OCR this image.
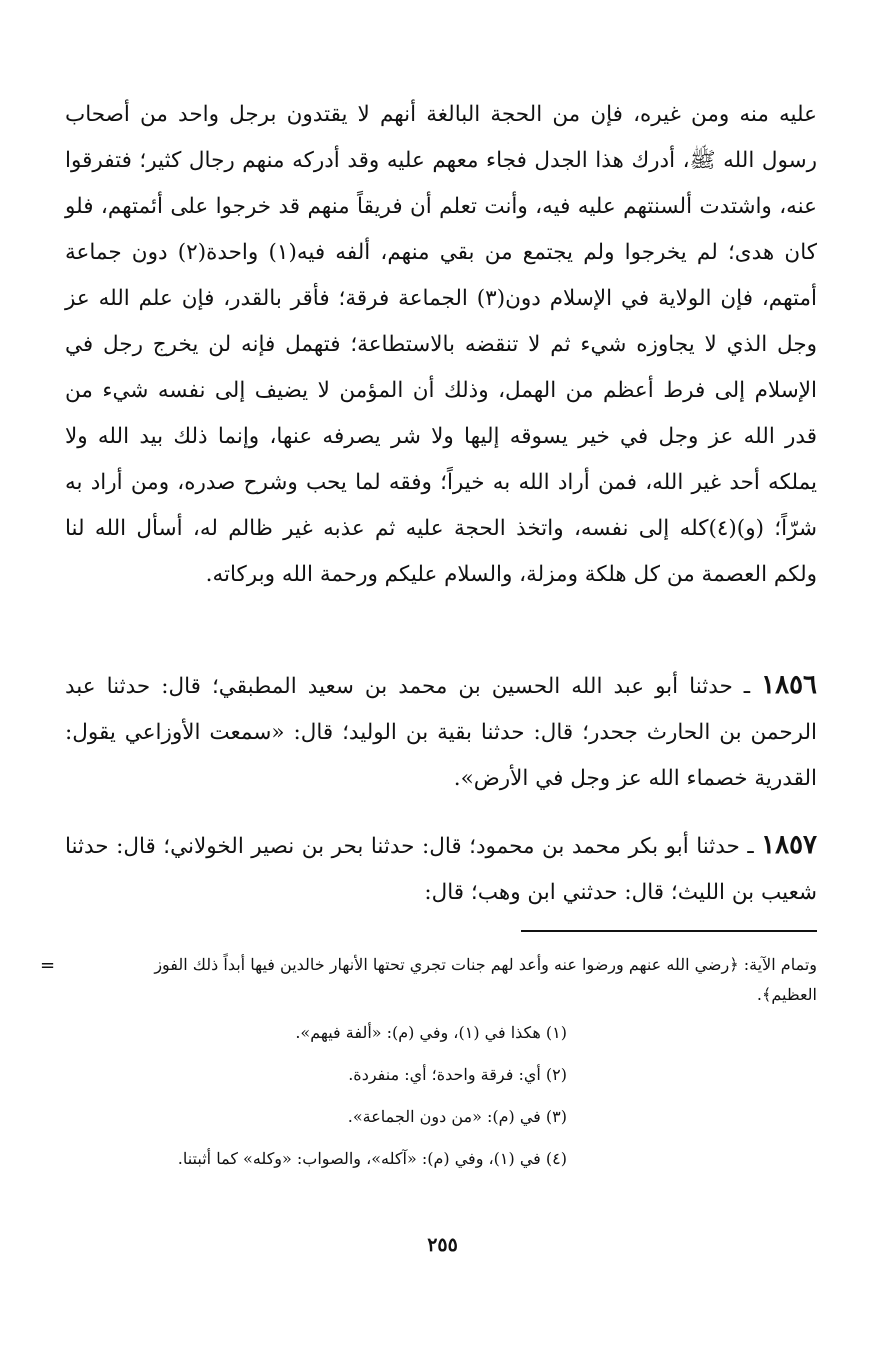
عليه منه ومن غيره، فإن من الحجة البالغة أنهم لا يقتدون برجل واحد من أصحاب رسول الله ﷺ، أدرك هذا الجدل فجاء معهم عليه وقد أدركه منهم رجال كثير؛ فتفرقوا عنه، واشتدت ألسنتهم عليه فيه، وأنت تعلم أن فريقاً منهم قد خرجوا على أئمتهم، فلو كان هدى؛ لم يخرجوا ولم يجتمع من بقي منهم، ألفه فيه(١) واحدة(٢) دون جماعة أمتهم، فإن الولاية في الإسلام دون(٣) الجماعة فرقة؛ فأقر بالقدر، فإن علم الله عز وجل الذي لا يجاوزه شيء ثم لا تنقضه بالاستطاعة؛ فتهمل فإنه لن يخرج رجل في الإسلام إلى فرط أعظم من الهمل، وذلك أن المؤمن لا يضيف إلى نفسه شيء من قدر الله عز وجل في خير يسوقه إليها ولا شر يصرفه عنها، وإنما ذلك بيد الله ولا يملكه أحد غير الله، فمن أراد الله به خيراً؛ وفقه لما يحب وشرح صدره، ومن أراد به شرّاً؛ (و)(٤)كله إلى نفسه، واتخذ الحجة عليه ثم عذبه غير ظالم له، أسأل الله لنا ولكم العصمة من كل هلكة ومزلة، والسلام عليكم ورحمة الله وبركاته.

١٨٥٦ ـ حدثنا أبو عبد الله الحسين بن محمد بن سعيد المطبقي؛ قال: حدثنا عبد الرحمن بن الحارث جحدر؛ قال: حدثنا بقية بن الوليد؛ قال: «سمعت الأوزاعي يقول: القدرية خصماء الله عز وجل في الأرض».

١٨٥٧ ـ حدثنا أبو بكر محمد بن محمود؛ قال: حدثنا بحر بن نصير الخولاني؛ قال: حدثنا شعيب بن الليث؛ قال: حدثني ابن وهب؛ قال:

=	وتمام الآية: ﴿رضي الله عنهم ورضوا عنه وأعد لهم جنات تجري تحتها الأنهار خالدين فيها أبداً ذلك الفوز العظيم﴾.

(١) هكذا في (١)، وفي (م): «ألفة فيهم».
(٢) أي: فرقة واحدة؛ أي: منفردة.
(٣) في (م): «من دون الجماعة».
(٤) في (١)، وفي (م): «آكله»، والصواب: «وكله» كما أثبتنا.
٢٥٥
